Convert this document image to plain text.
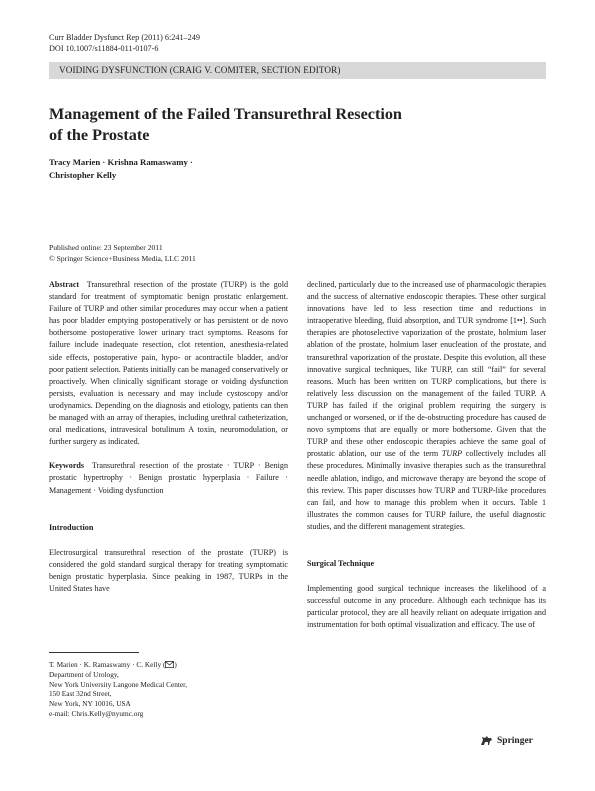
Curr Bladder Dysfunct Rep (2011) 6:241–249
DOI 10.1007/s11884-011-0107-6
VOIDING DYSFUNCTION (CRAIG V. COMITER, SECTION EDITOR)
Management of the Failed Transurethral Resection
of the Prostate
Tracy Marien · Krishna Ramaswamy ·
Christopher Kelly
Published online: 23 September 2011
© Springer Science+Business Media, LLC 2011

Abstract Transurethral resection of the prostate (TURP) is the gold standard for treatment of symptomatic benign prostatic enlargement. Failure of TURP and other similar procedures may occur when a patient has poor bladder emptying postoperatively or has persistent or de novo bothersome postoperative lower urinary tract symptoms. Reasons for failure include inadequate resection, clot retention, anesthesia-related side effects, postoperative pain, hypo- or acontractile bladder, and/or poor patient selection. Patients initially can be managed conservatively or proactively. When clinically significant storage or voiding dysfunction persists, evaluation is necessary and may include cystoscopy and/or urodynamics. Depending on the diagnosis and etiology, patients can then be managed with an array of therapies, including urethral catheterization, oral medications, intravesical botulinum A toxin, neuromodulation, or further surgery as indicated.

Keywords Transurethral resection of the prostate · TURP · Benign prostatic hypertrophy · Benign prostatic hyperplasia · Failure · Management · Voiding dysfunction

Introduction

Electrosurgical transurethral resection of the prostate (TURP) is considered the gold standard surgical therapy for treating symptomatic benign prostatic hyperplasia. Since peaking in 1987, TURPs in the United States have

T. Marien · K. Ramaswamy · C. Kelly ( )
Department of Urology,
New York University Langone Medical Center,
150 East 32nd Street,
New York, NY 10016, USA
e-mail: Chris.Kelly@nyumc.org

declined, particularly due to the increased use of pharmacologic therapies and the success of alternative endoscopic therapies. These other surgical innovations have led to less resection time and reductions in intraoperative bleeding, fluid absorption, and TUR syndrome [1••]. Such therapies are photoselective vaporization of the prostate, holmium laser ablation of the prostate, holmium laser enucleation of the prostate, and transurethral vaporization of the prostate. Despite this evolution, all these innovative surgical techniques, like TURP, can still “fail” for several reasons. Much has been written on TURP complications, but there is relatively less discussion on the management of the failed TURP. A TURP has failed if the original problem requiring the surgery is unchanged or worsened, or if the de-obstructing procedure has caused de novo symptoms that are equally or more bothersome. Given that the TURP and these other endoscopic therapies achieve the same goal of prostatic ablation, our use of the term TURP collectively includes all these procedures. Minimally invasive therapies such as the transurethral needle ablation, indigo, and microwave therapy are beyond the scope of this review. This paper discusses how TURP and TURP-like procedures can fail, and how to manage this problem when it occurs. Table 1 illustrates the common causes for TURP failure, the useful diagnostic studies, and the different management strategies.

Surgical Technique

Implementing good surgical technique increases the likelihood of a successful outcome in any procedure. Although each technique has its particular protocol, they are all heavily reliant on adequate irrigation and instrumentation for both optimal visualization and efficacy. The use of

Springer
